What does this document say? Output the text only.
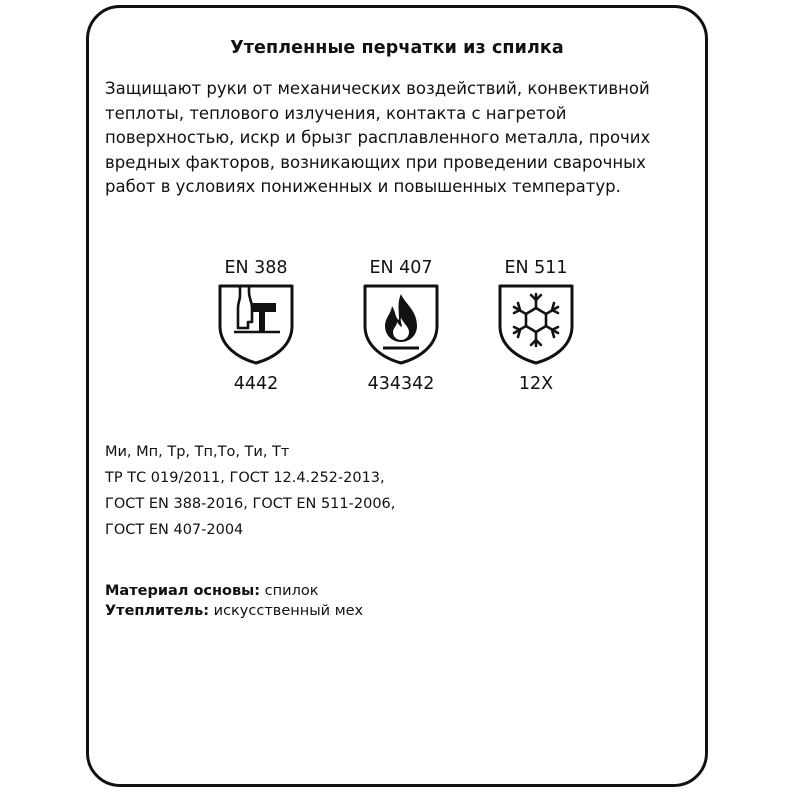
Утепленные перчатки из спилка
Защищают руки от механических воздействий, конвективной
теплоты, теплового излучения, контакта с нагретой
поверхностью, искр и брызг расплавленного металла, прочих
вредных факторов, возникающих при проведении сварочных
работ в условиях пониженных и повышенных температур.
EN 388
4442
EN 407
434342
EN 511
12X
Ми, Мп, Тр, Тп,То, Ти, Тт
ТР ТС 019/2011, ГОСТ 12.4.252-2013,
ГОСТ EN 388-2016, ГОСТ EN 511-2006,
ГОСТ EN 407-2004
Материал основы: спилок
Утеплитель: искусственный мех
